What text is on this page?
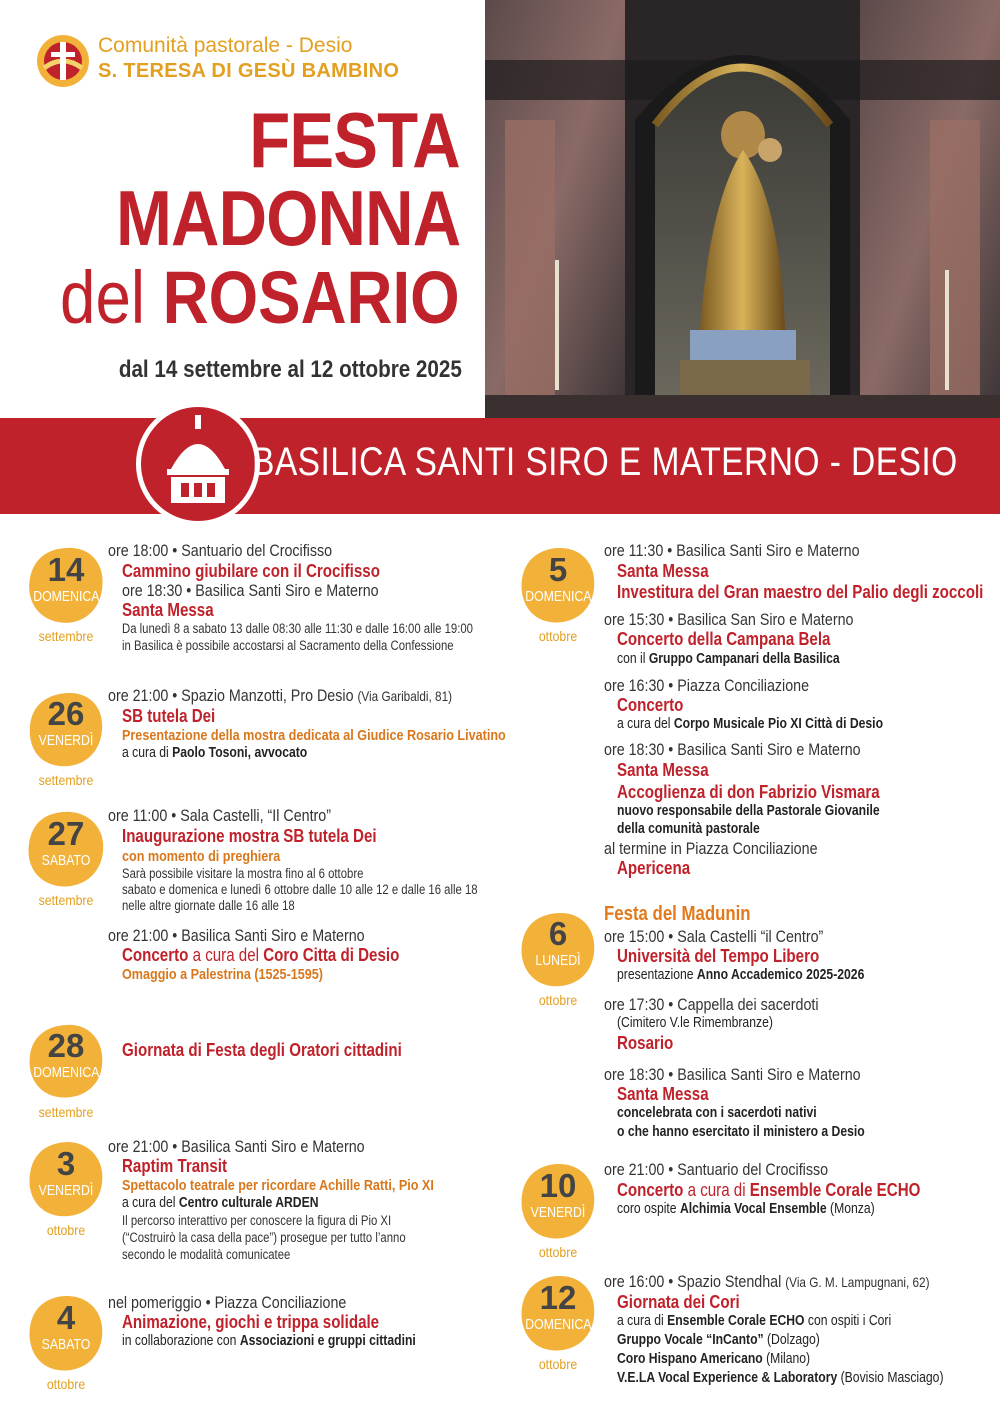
Comunità pastorale - Desio
S. TERESA DI GESÙ BAMBINO
FESTA
MADONNA
del ROSARIO
dal 14 settembre al 12 ottobre 2025
BASILICA SANTI SIRO E MATERNO - DESIO
14
DOMENICA
settembre
ore 18:00 • Santuario del Crocifisso
Cammino giubilare con il Crocifisso
ore 18:30 • Basilica Santi Siro e Materno
Santa Messa
Da lunedì 8 a sabato 13 dalle 08:30 alle 11:30 e dalle 16:00 alle 19:00
in Basilica è possibile accostarsi al Sacramento della Confessione
26
VENERDÌ
settembre
ore 21:00 • Spazio Manzotti, Pro Desio (Via Garibaldi, 81)
SB tutela Dei
Presentazione della mostra dedicata al Giudice Rosario Livatino
a cura di Paolo Tosoni, avvocato
27
SABATO
settembre
ore 11:00 • Sala Castelli, “Il Centro”
Inaugurazione mostra SB tutela Dei
con momento di preghiera
Sarà possibile visitare la mostra fino al 6 ottobre
sabato e domenica e lunedì 6 ottobre dalle 10 alle 12 e dalle 16 alle 18
nelle altre giornate dalle 16 alle 18
ore 21:00 • Basilica Santi Siro e Materno
Concerto a cura del Coro Citta di Desio
Omaggio a Palestrina (1525-1595)
28
DOMENICA
settembre
Giornata di Festa degli Oratori cittadini
3
VENERDÌ
ottobre
ore 21:00 • Basilica Santi Siro e Materno
Raptim Transit
Spettacolo teatrale per ricordare Achille Ratti, Pio XI
a cura del Centro culturale ARDEN
Il percorso interattivo per conoscere la figura di Pio XI
(“Costruirò la casa della pace”) prosegue per tutto l’anno
secondo le modalità comunicatee
4
SABATO
ottobre
nel pomeriggio • Piazza Conciliazione
Animazione, giochi e trippa solidale
in collaborazione con Associazioni e gruppi cittadini
5
DOMENICA
ottobre
ore 11:30 • Basilica Santi Siro e Materno
Santa Messa
Investitura del Gran maestro del Palio degli zoccoli
ore 15:30 • Basilica San Siro e Materno
Concerto della Campana Bela
con il Gruppo Campanari della Basilica
ore 16:30 • Piazza Conciliazione
Concerto
a cura del Corpo Musicale Pio XI Città di Desio
ore 18:30 • Basilica Santi Siro e Materno
Santa Messa
Accoglienza di don Fabrizio Vismara
nuovo responsabile della Pastorale Giovanile
della comunità pastorale
al termine in Piazza Conciliazione
Apericena
6
LUNEDÌ
ottobre
Festa del Madunin
ore 15:00 • Sala Castelli “il Centro”
Università del Tempo Libero
presentazione Anno Accademico 2025-2026
ore 17:30 • Cappella dei sacerdoti
(Cimitero V.le Rimembranze)
Rosario
ore 18:30 • Basilica Santi Siro e Materno
Santa Messa
concelebrata con i sacerdoti nativi
o che hanno esercitato il ministero a Desio
10
VENERDÌ
ottobre
ore 21:00 • Santuario del Crocifisso
Concerto a cura di Ensemble Corale ECHO
coro ospite Alchimia Vocal Ensemble (Monza)
12
DOMENICA
ottobre
ore 16:00 • Spazio Stendhal (Via G. M. Lampugnani, 62)
Giornata dei Cori
a cura di Ensemble Corale ECHO con ospiti i Cori
Gruppo Vocale “InCanto” (Dolzago)
Coro Hispano Americano (Milano)
V.E.LA Vocal Experience & Laboratory (Bovisio Masciago)
